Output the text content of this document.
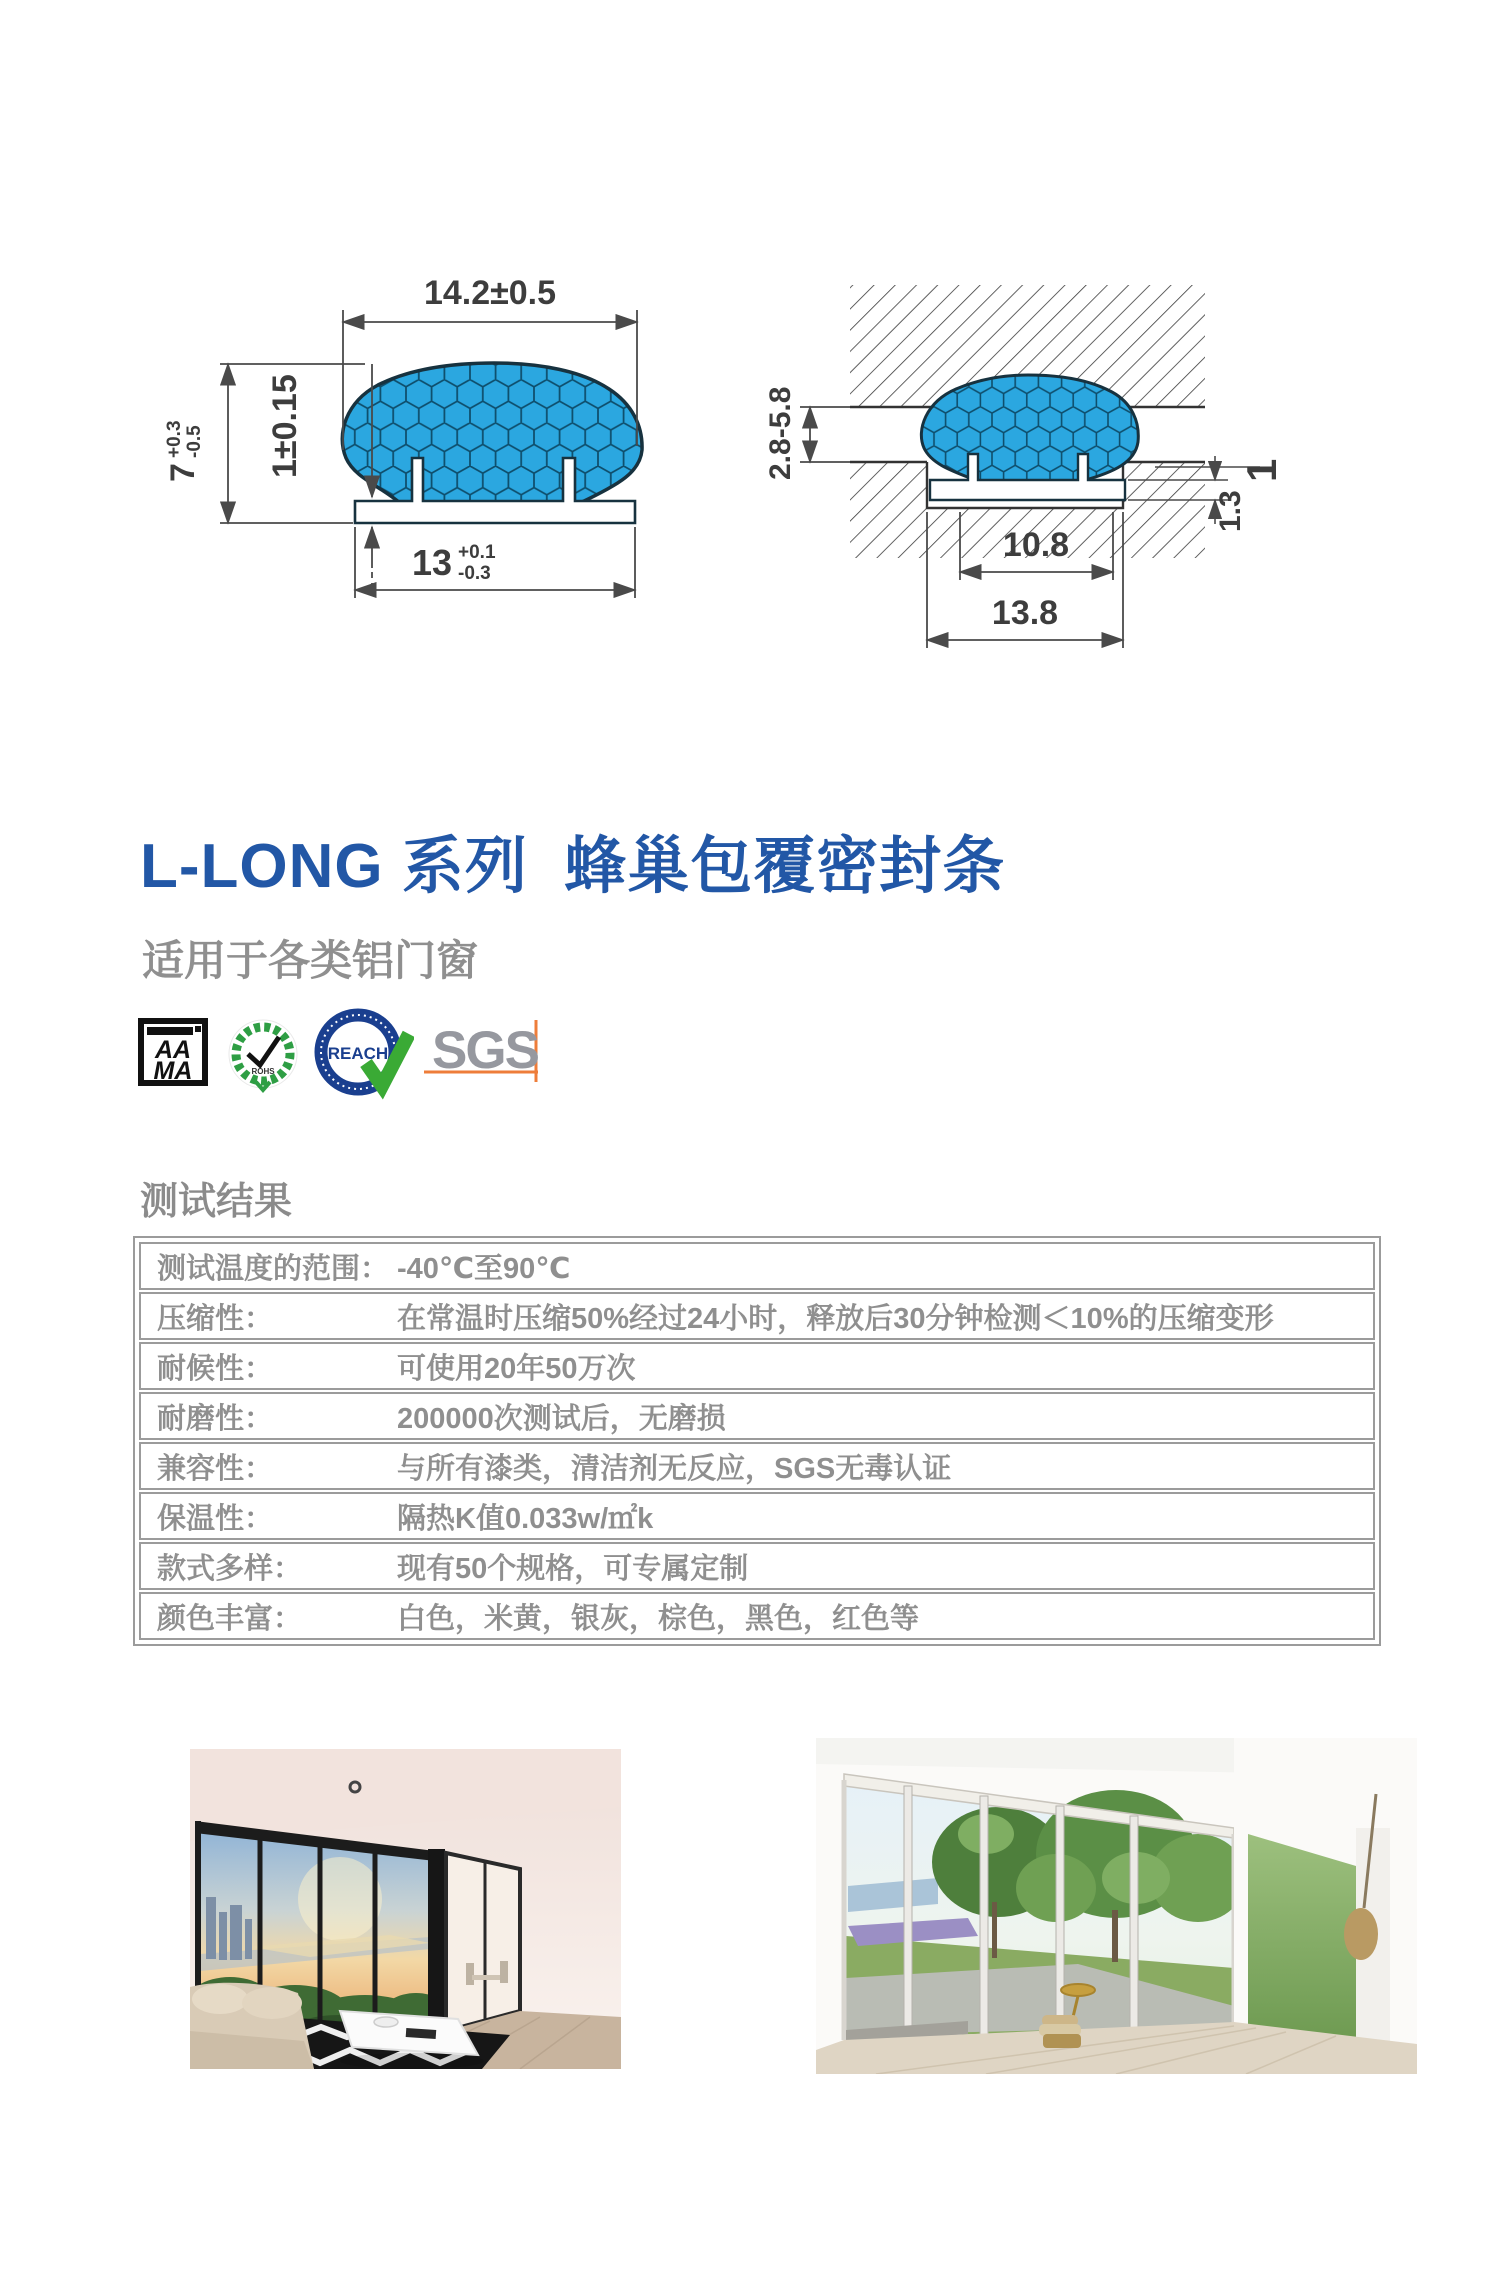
14.2±0.5
7
+0.3 -0.5 1±0.15
13 +0.1
-0.3
2.8-5.8	1
1.3
10.8
13.8
L-LONG 系列  蜂巢包覆密封条
适用于各类铝门窗
AA
MA	ROHS
REACH SGS
测试结果
测试温度的范围： -40℃至90℃
压缩性：	在常温时压缩50%经过24小时，释放后30分钟检测＜10%的压缩变形
耐候性：	可使用20年50万次
耐磨性：	200000次测试后，无磨损
兼容性：	与所有漆类，清洁剂无反应，SGS无毒认证
保温性：	隔热K值0.033w/㎡k
款式多样：	现有50个规格，可专属定制
颜色丰富：	白色，米黄，银灰，棕色，黑色，红色等
